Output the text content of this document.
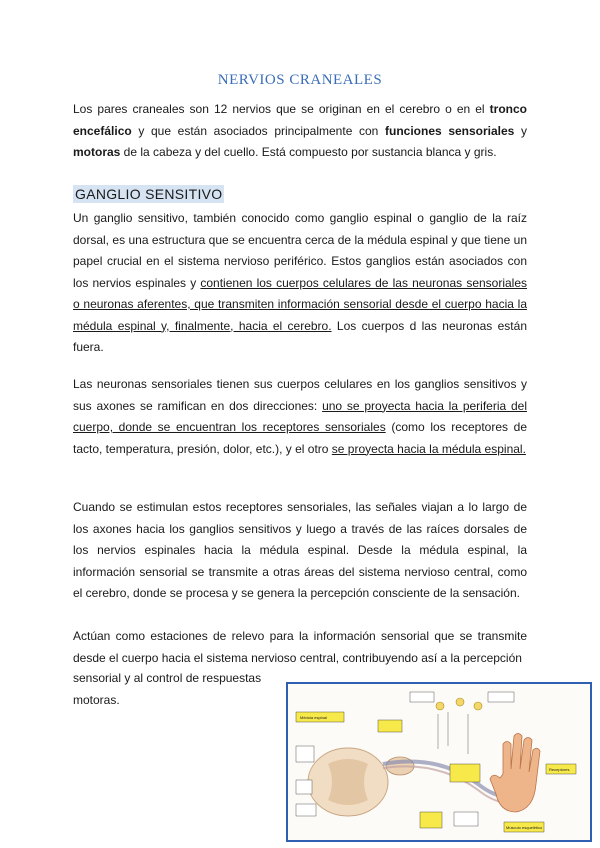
NERVIOS CRANEALES

Los pares craneales son 12 nervios que se originan en el cerebro o en el tronco encefálico y que están asociados principalmente con funciones sensoriales y motoras de la cabeza y del cuello. Está compuesto por sustancia blanca y gris.

GANGLIO SENSITIVO

Un ganglio sensitivo, también conocido como ganglio espinal o ganglio de la raíz dorsal, es una estructura que se encuentra cerca de la médula espinal y que tiene un papel crucial en el sistema nervioso periférico. Estos ganglios están asociados con los nervios espinales y contienen los cuerpos celulares de las neuronas sensoriales o neuronas aferentes, que transmiten información sensorial desde el cuerpo hacia la médula espinal y, finalmente, hacia el cerebro. Los cuerpos d las neuronas están fuera.

Las neuronas sensoriales tienen sus cuerpos celulares en los ganglios sensitivos y sus axones se ramifican en dos direcciones: uno se proyecta hacia la periferia del cuerpo, donde se encuentran los receptores sensoriales (como los receptores de tacto, temperatura, presión, dolor, etc.), y el otro se proyecta hacia la médula espinal.

Cuando se estimulan estos receptores sensoriales, las señales viajan a lo largo de los axones hacia los ganglios sensitivos y luego a través de las raíces dorsales de los nervios espinales hacia la médula espinal. Desde la médula espinal, la información sensorial se transmite a otras áreas del sistema nervioso central, como el cerebro, donde se procesa y se genera la percepción consciente de la sensación.

Actúan como estaciones de relevo para la información sensorial que se transmite desde el cuerpo hacia el sistema nervioso central, contribuyendo así a la percepción

sensorial y al control de respuestas motoras.

Médula espinal
Músculo esquelético
Receptores
